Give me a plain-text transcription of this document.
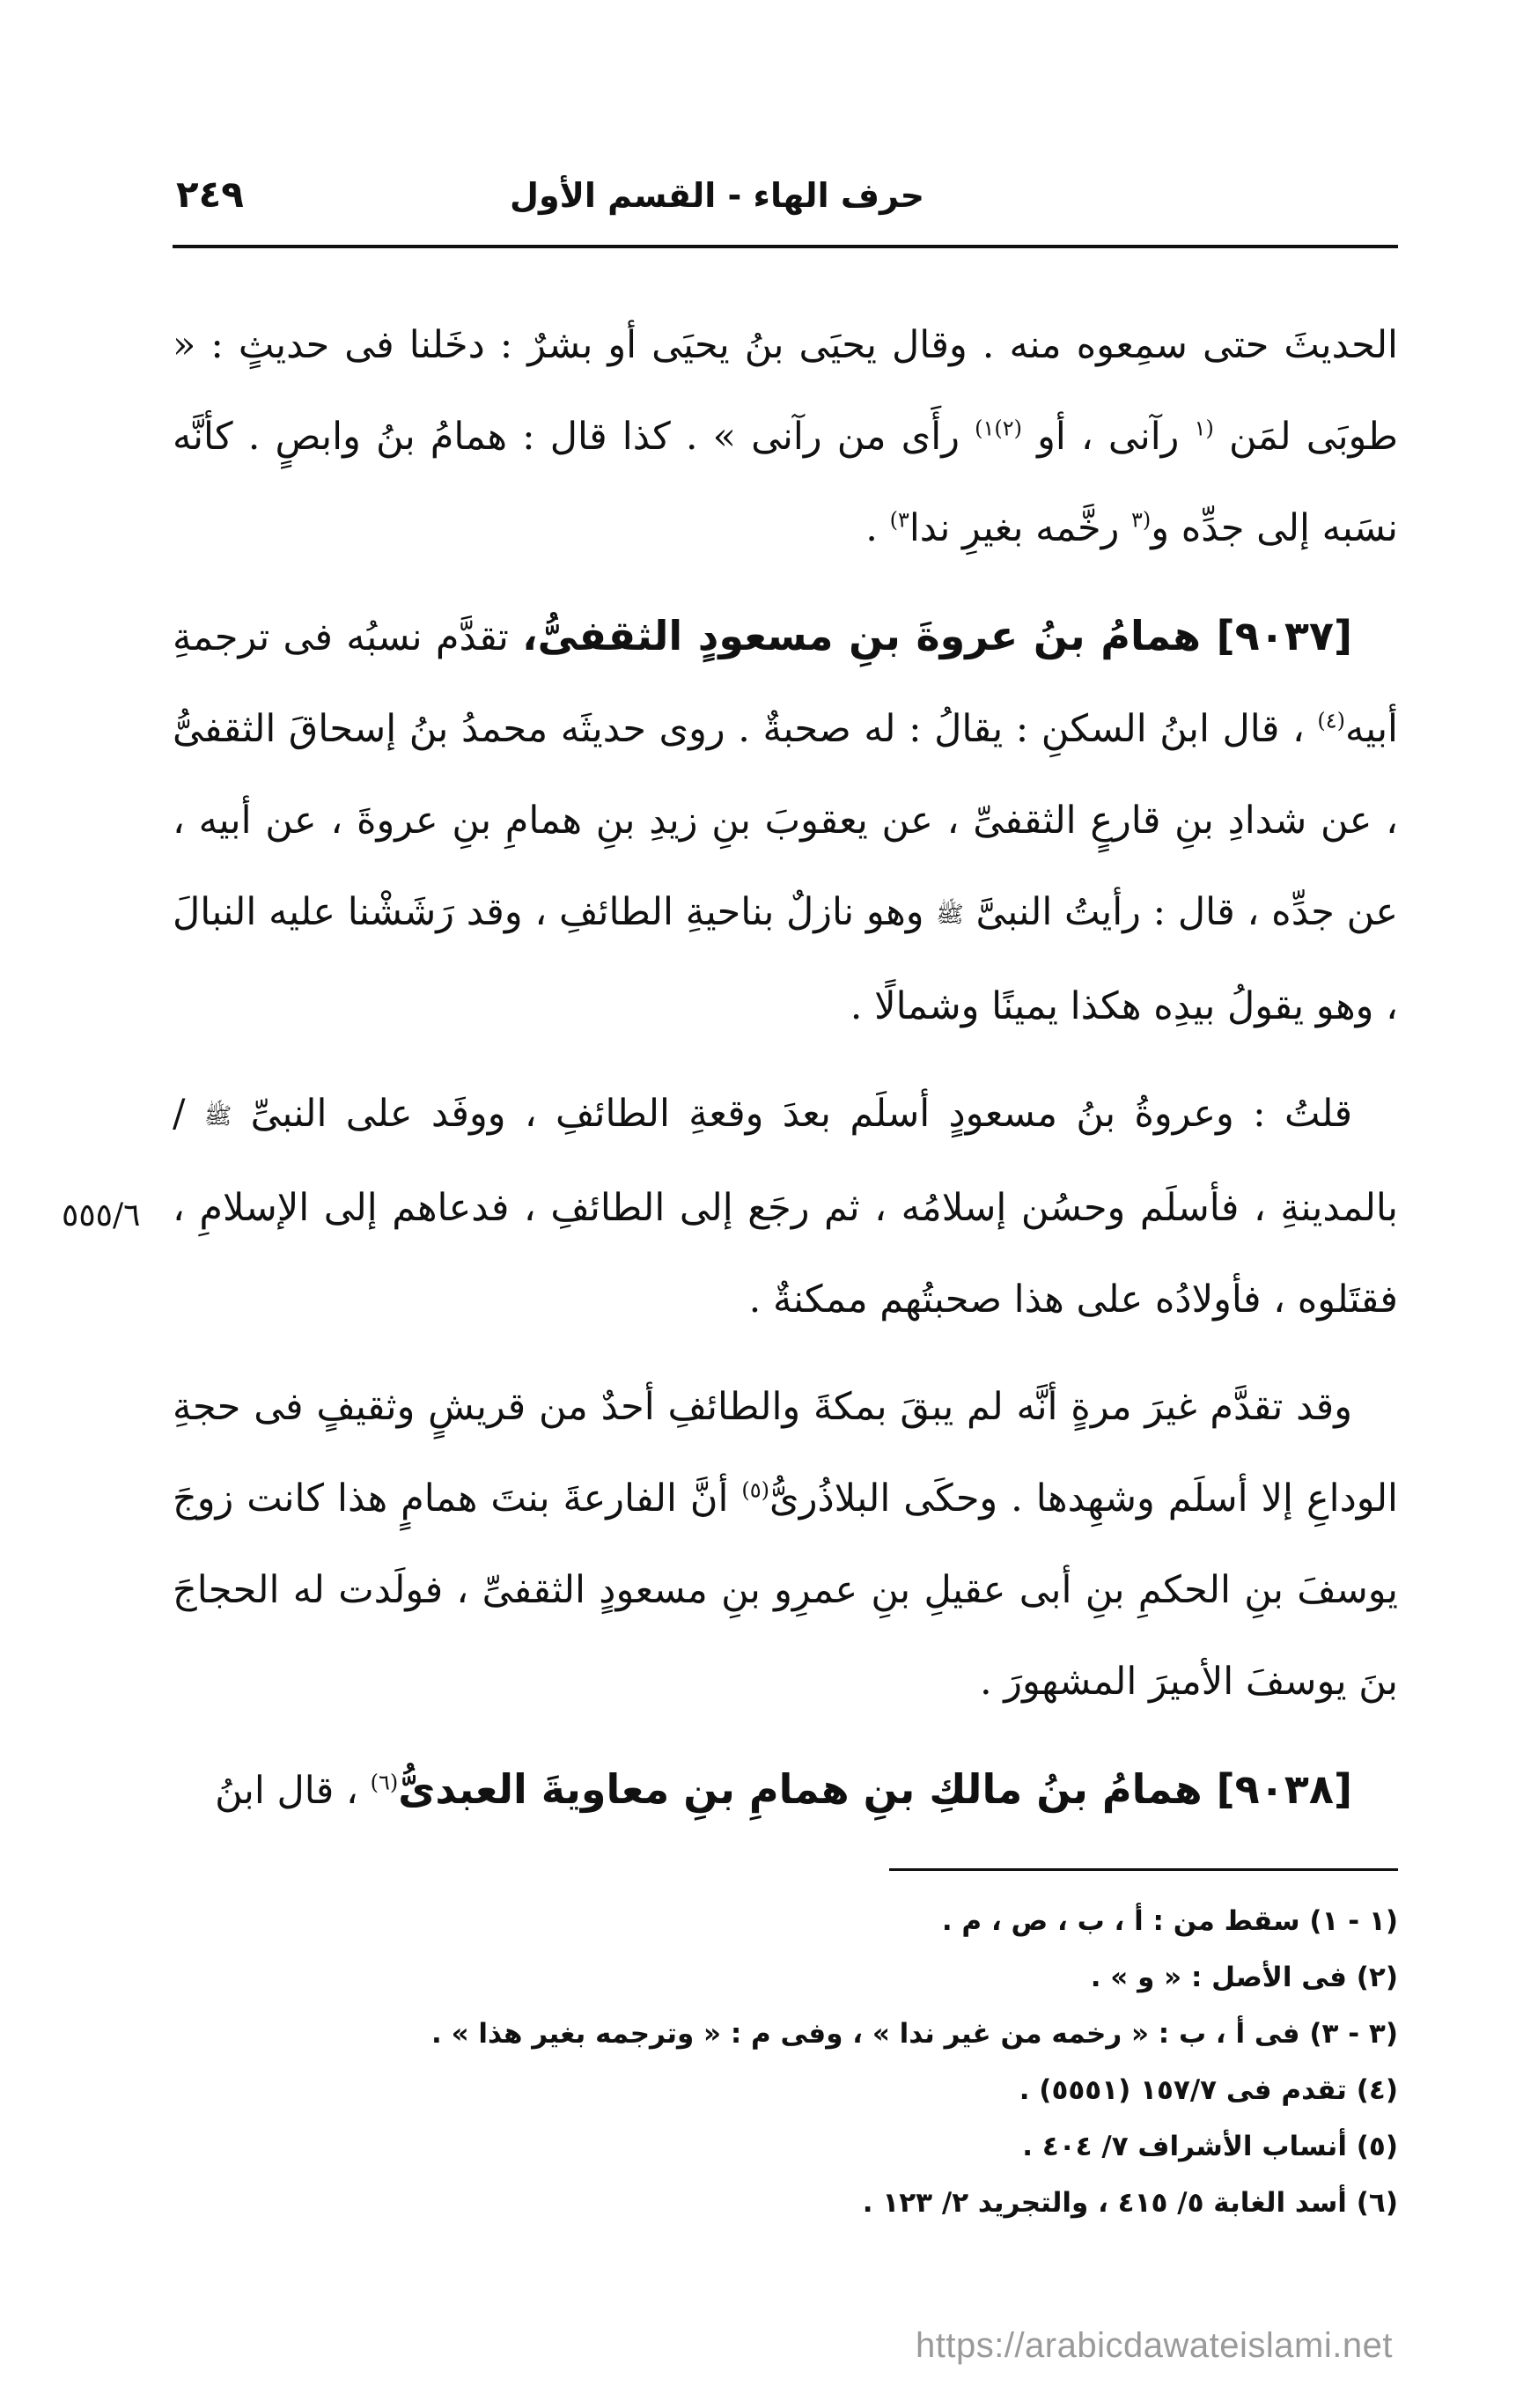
حرف الهاء - القسم الأول
٢٤٩

الحديثَ حتى سمِعوه منه . وقال يحيَى بنُ يحيَى أو بشرٌ : دخَلنا فى حديثٍ : « طوبَى لمَن $^{(١}$ رآنى ، أو $^{(٢)١)}$ رأَى من رآنى » . كذا قال : همامُ بنُ وابصٍ . كأنَّه نسَبه إلى جدِّه و$^{(٣}$ رخَّمه بغيرِ ندا$^{٣)}$ .

[٩٠٣٧] همامُ بنُ عروةَ بنِ مسعودٍ الثقفىُّ، تقدَّم نسبُه فى ترجمةِ أبيه$^{(٤)}$ ، قال ابنُ السكنِ : يقالُ : له صحبةٌ . روى حديثَه محمدُ بنُ إسحاقَ الثقفىُّ ، عن شدادِ بنِ قارعٍ الثقفىِّ ، عن يعقوبَ بنِ زيدِ بنِ همامِ بنِ عروةَ ، عن أبيه ، عن جدِّه ، قال : رأيتُ النبىَّ ﷺ وهو نازلٌ بناحيةِ الطائفِ ، وقد رَشَشْنا عليه النبالَ ، وهو يقولُ بيدِه هكذا يمينًا وشمالًا .

قلتُ : وعروةُ بنُ مسعودٍ أسلَم بعدَ وقعةِ الطائفِ ، ووفَد على النبىِّ ﷺ /بالمدينةِ ، فأسلَم وحسُن إسلامُه ، ثم رجَع إلى الطائفِ ، فدعاهم إلى الإسلامِ ، فقتَلوه ، فأولادُه على هذا صحبتُهم ممكنةٌ .

وقد تقدَّم غيرَ مرةٍ أنَّه لم يبقَ بمكةَ والطائفِ أحدٌ من قريشٍ وثقيفٍ فى حجةِ الوداعِ إلا أسلَم وشهِدها . وحكَى البلاذُرىُّ$^{(٥)}$ أنَّ الفارعةَ بنتَ همامٍ هذا كانت زوجَ يوسفَ بنِ الحكمِ بنِ أبى عقيلِ بنِ عمرِو بنِ مسعودٍ الثقفىِّ ، فولَدت له الحجاجَ بنَ يوسفَ الأميرَ المشهورَ .

[٩٠٣٨] همامُ بنُ مالكِ بنِ همامِ بنِ معاويةَ العبدىُّ$^{(٦)}$ ، قال ابنُ

٥٥٥/٦

(١ - ١) سقط من : أ ، ب ، ص ، م .

(٢) فى الأصل : « و » .

(٣ - ٣) فى أ ، ب : « رخمه من غير ندا » ، وفى م : « وترجمه بغير هذا » .

(٤) تقدم فى ١٥٧/٧ (٥٥٥١) .

(٥) أنساب الأشراف ٧/ ٤٠٤ .

(٦) أسد الغابة ٥/ ٤١٥ ، والتجريد ٢/ ١٢٣ .

https://arabicdawateislami.net
